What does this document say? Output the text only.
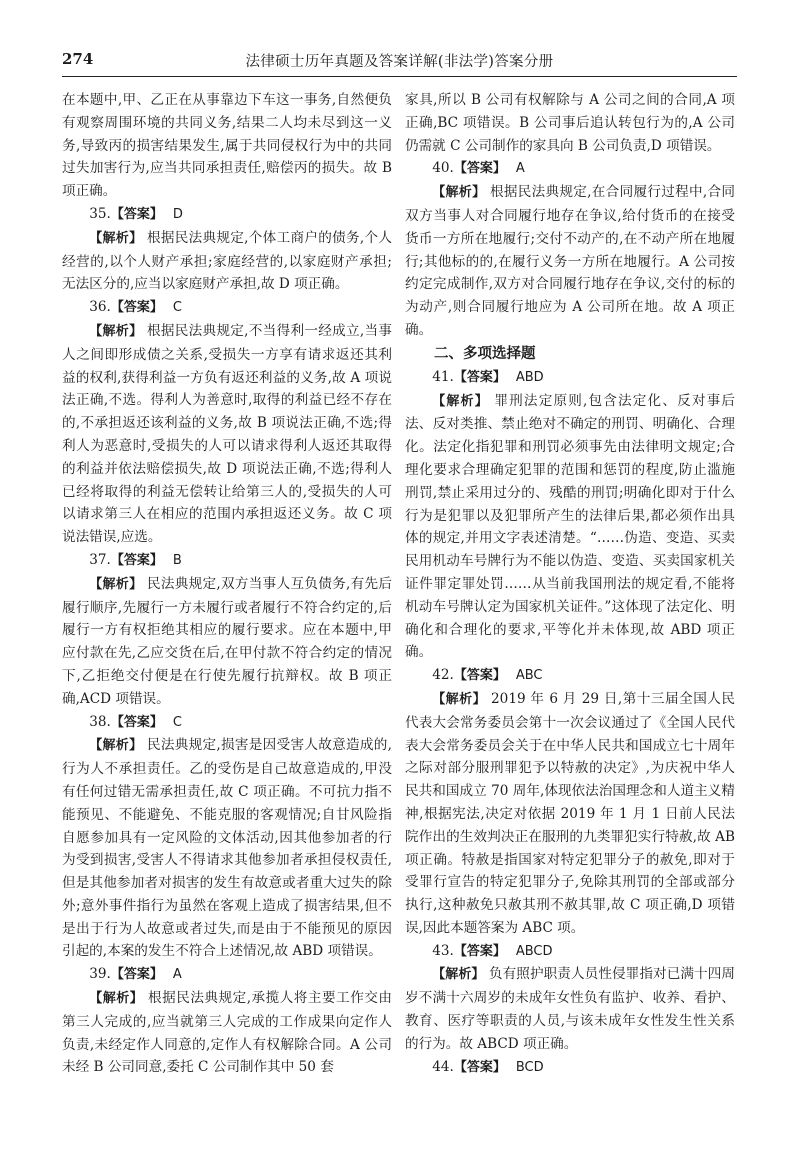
274	法律硕士历年真题及答案详解(非法学)答案分册

在本题中,甲、乙正在从事靠边下车这一事务,自然便负有观察周围环境的共同义务,结果二人均未尽到这一义务,导致丙的损害结果发生,属于共同侵权行为中的共同过失加害行为,应当共同承担责任,赔偿丙的损失。故 B 项正确。

35.【答案】 D

【解析】 根据民法典规定,个体工商户的债务,个人经营的,以个人财产承担;家庭经营的,以家庭财产承担;无法区分的,应当以家庭财产承担,故 D 项正确。

36.【答案】 C

【解析】 根据民法典规定,不当得利一经成立,当事人之间即形成债之关系,受损失一方享有请求返还其利益的权利,获得利益一方负有返还利益的义务,故 A 项说法正确,不选。得利人为善意时,取得的利益已经不存在的,不承担返还该利益的义务,故 B 项说法正确,不选;得利人为恶意时,受损失的人可以请求得利人返还其取得的利益并依法赔偿损失,故 D 项说法正确,不选;得利人已经将取得的利益无偿转让给第三人的,受损失的人可以请求第三人在相应的范围内承担返还义务。故 C 项说法错误,应选。

37.【答案】 B

【解析】 民法典规定,双方当事人互负债务,有先后履行顺序,先履行一方未履行或者履行不符合约定的,后履行一方有权拒绝其相应的履行要求。应在本题中,甲应付款在先,乙应交货在后,在甲付款不符合约定的情况下,乙拒绝交付便是在行使先履行抗辩权。故 B 项正确,ACD 项错误。

38.【答案】 C

【解析】 民法典规定,损害是因受害人故意造成的,行为人不承担责任。乙的受伤是自己故意造成的,甲没有任何过错无需承担责任,故 C 项正确。不可抗力指不能预见、不能避免、不能克服的客观情况;自甘风险指自愿参加具有一定风险的文体活动,因其他参加者的行为受到损害,受害人不得请求其他参加者承担侵权责任,但是其他参加者对损害的发生有故意或者重大过失的除外;意外事件指行为虽然在客观上造成了损害结果,但不是出于行为人故意或者过失,而是由于不能预见的原因引起的,本案的发生不符合上述情况,故 ABD 项错误。

39.【答案】 A

【解析】 根据民法典规定,承揽人将主要工作交由第三人完成的,应当就第三人完成的工作成果向定作人负责,未经定作人同意的,定作人有权解除合同。A 公司未经 B 公司同意,委托 C 公司制作其中 50 套

家具,所以 B 公司有权解除与 A 公司之间的合同,A 项正确,BC 项错误。B 公司事后追认转包行为的,A 公司仍需就 C 公司制作的家具向 B 公司负责,D 项错误。

40.【答案】 A

【解析】 根据民法典规定,在合同履行过程中,合同双方当事人对合同履行地存在争议,给付货币的在接受货币一方所在地履行;交付不动产的,在不动产所在地履行;其他标的的,在履行义务一方所在地履行。A 公司按约定完成制作,双方对合同履行地存在争议,交付的标的为动产,则合同履行地应为 A 公司所在地。故 A 项正确。

二、多项选择题

41.【答案】 ABD

【解析】 罪刑法定原则,包含法定化、反对事后法、反对类推、禁止绝对不确定的刑罚、明确化、合理化。法定化指犯罪和刑罚必须事先由法律明文规定;合理化要求合理确定犯罪的范围和惩罚的程度,防止滥施刑罚,禁止采用过分的、残酷的刑罚;明确化即对于什么行为是犯罪以及犯罪所产生的法律后果,都必须作出具体的规定,并用文字表述清楚。“……伪造、变造、买卖民用机动车号牌行为不能以伪造、变造、买卖国家机关证件罪定罪处罚……从当前我国刑法的规定看,不能将机动车号牌认定为国家机关证件。”这体现了法定化、明确化和合理化的要求,平等化并未体现,故 ABD 项正确。

42.【答案】 ABC

【解析】 2019 年 6 月 29 日,第十三届全国人民代表大会常务委员会第十一次会议通过了《全国人民代表大会常务委员会关于在中华人民共和国成立七十周年之际对部分服刑罪犯予以特赦的决定》,为庆祝中华人民共和国成立 70 周年,体现依法治国理念和人道主义精神,根据宪法,决定对依据 2019 年 1 月 1 日前人民法院作出的生效判决正在服刑的九类罪犯实行特赦,故 AB 项正确。特赦是指国家对特定犯罪分子的赦免,即对于受罪行宣告的特定犯罪分子,免除其刑罚的全部或部分执行,这种赦免只赦其刑不赦其罪,故 C 项正确,D 项错误,因此本题答案为 ABC 项。

43.【答案】 ABCD

【解析】 负有照护职责人员性侵罪指对已满十四周岁不满十六周岁的未成年女性负有监护、收养、看护、教育、医疗等职责的人员,与该未成年女性发生性关系的行为。故 ABCD 项正确。

44.【答案】 BCD
